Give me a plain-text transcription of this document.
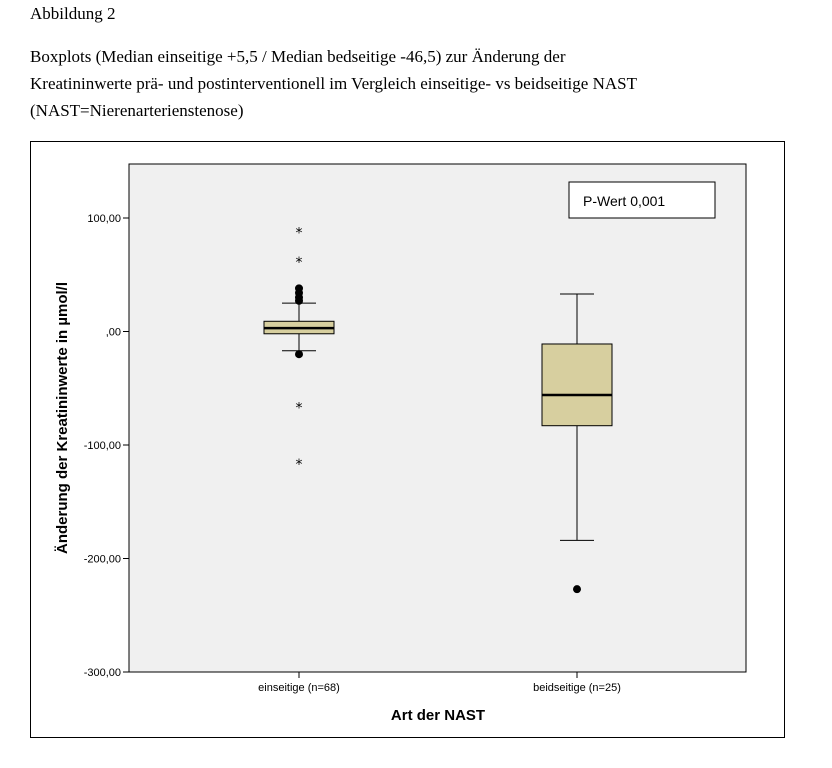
Abbildung 2
Boxplots (Median einseitige +5,5 / Median bedseitige -46,5) zur Änderung der
Kreatininwerte prä- und postinterventionell im Vergleich einseitige- vs beidseitige NAST
(NAST=Nierenarterienstenose)
100,00
,00
-100,00
-200,00
-300,00
einseitige (n=68)	beidseitige (n=25)
*
*
*
*
P-Wert 0,001
Art der NAST
Änderung der Kreatininwerte in µmol/l
